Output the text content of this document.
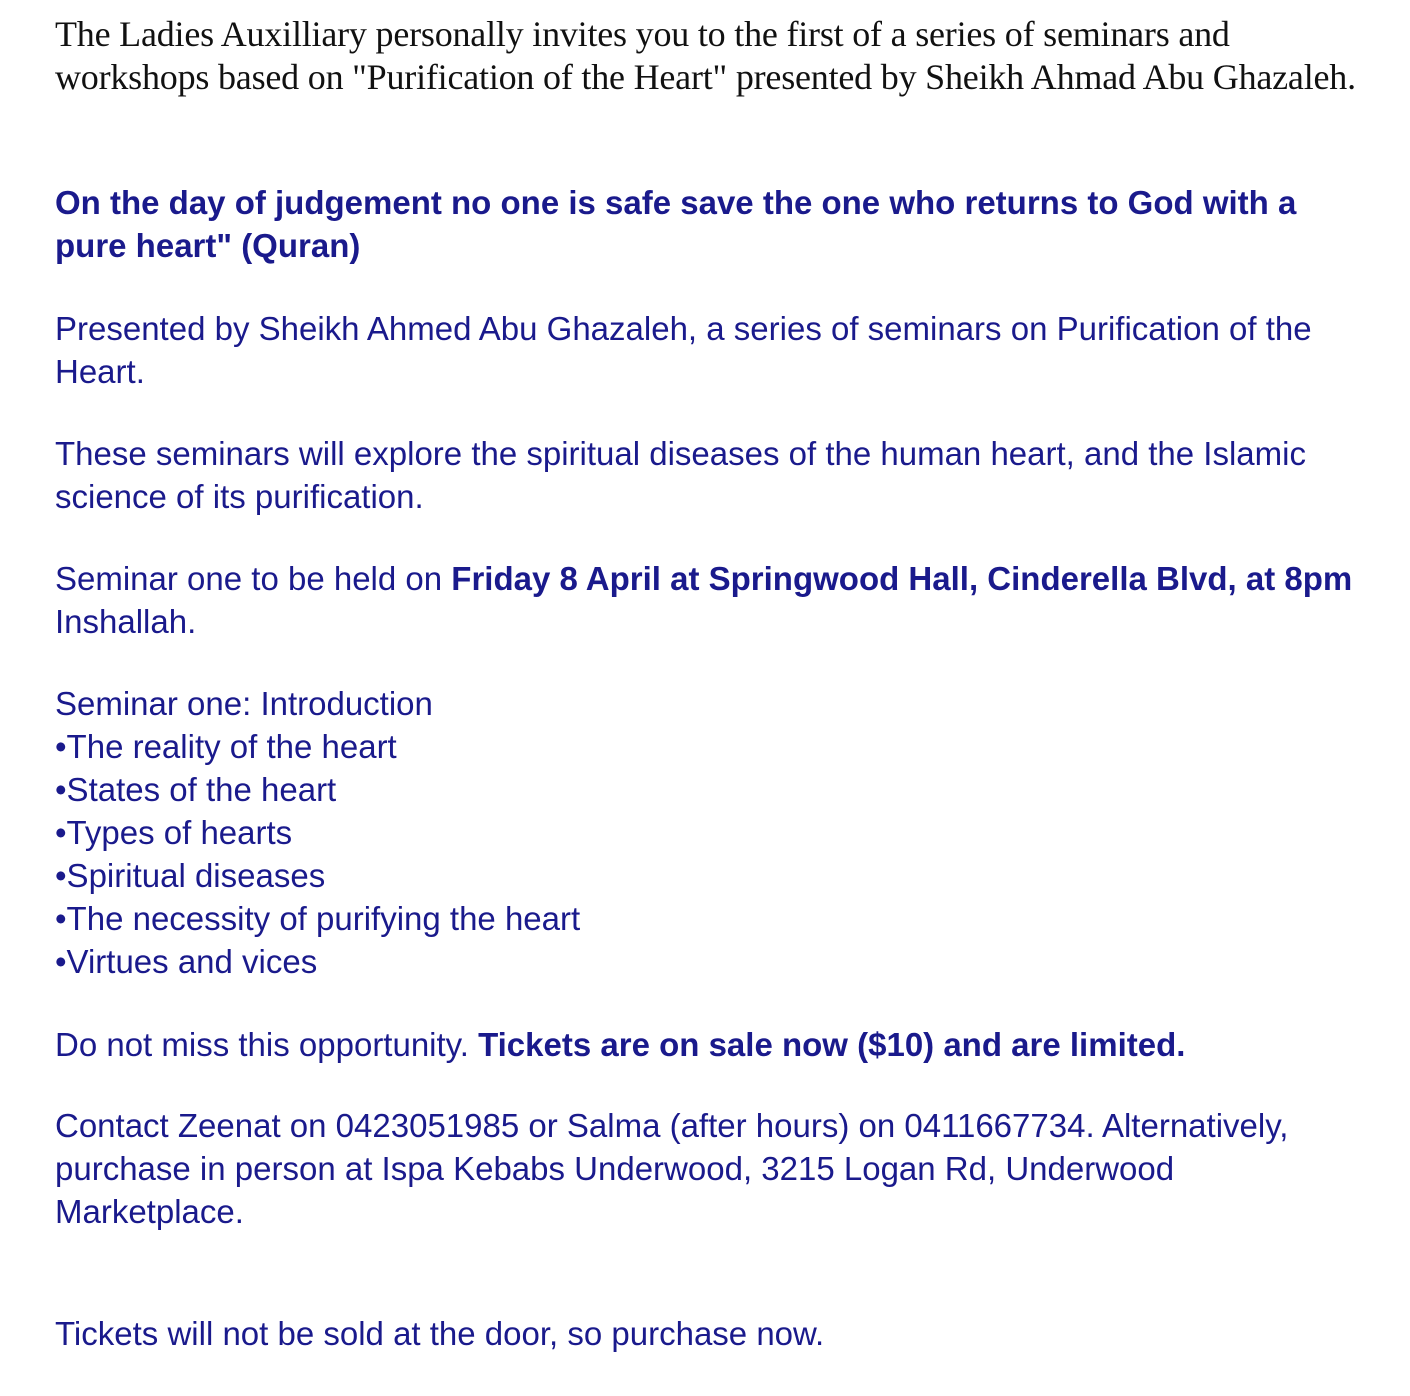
The Ladies Auxilliary personally invites you to the first of a series of seminars and workshops based on "Purification of the Heart" presented by Sheikh Ahmad Abu Ghazaleh.

On the day of judgement no one is safe save the one who returns to God with a pure heart" (Quran)

Presented by Sheikh Ahmed Abu Ghazaleh, a series of seminars on Purification of the Heart.

These seminars will explore the spiritual diseases of the human heart, and the Islamic science of its purification.

Seminar one to be held on Friday 8 April at Springwood Hall, Cinderella Blvd, at 8pm Inshallah.

Seminar one: Introduction

•The reality of the heart
•States of the heart
•Types of hearts
•Spiritual diseases
•The necessity of purifying the heart
•Virtues and vices

Do not miss this opportunity. Tickets are on sale now ($10) and are limited.

Contact Zeenat on 0423051985 or Salma (after hours) on 0411667734. Alternatively, purchase in person at Ispa Kebabs Underwood, 3215 Logan Rd, Underwood Marketplace.

Tickets will not be sold at the door, so purchase now.
